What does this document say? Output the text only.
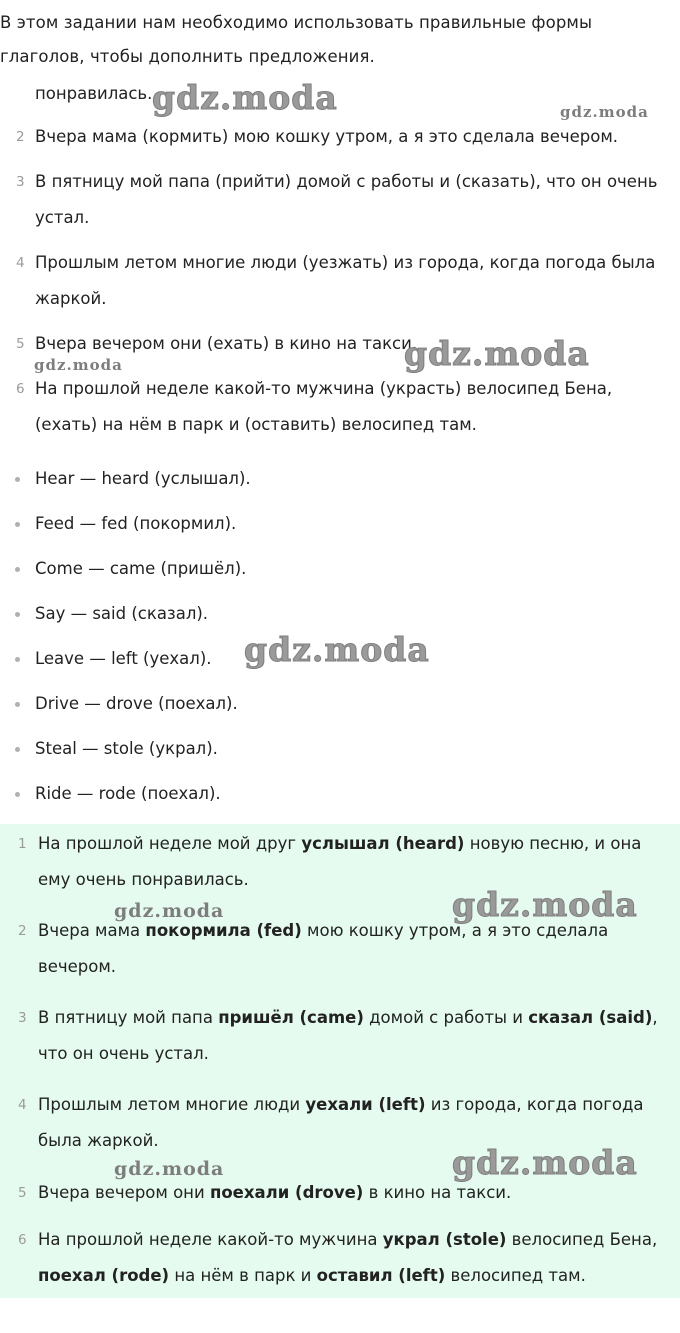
В этом задании нам необходимо использовать правильные формы глаголов, чтобы дополнить предложения.
понравилась.
2 Вчера мама (кормить) мою кошку утром, а я это сделала вечером.
3 В пятницу мой папа (прийти) домой с работы и (сказать), что он очень устал.
4 Прошлым летом многие люди (уезжать) из города, когда погода была жаркой.
5 Вчера вечером они (ехать) в кино на такси.
6 На прошлой неделе какой-то мужчина (украсть) велосипед Бена, (ехать) на нём в парк и (оставить) велосипед там.
Hear — heard (услышал).
Feed — fed (покормил).
Come — came (пришёл).
Say — said (сказал).
Leave — left (уехал).
Drive — drove (поехал).
Steal — stole (украл).
Ride — rode (поехал).
1 На прошлой неделе мой друг услышал (heard) новую песню, и она ему очень понравилась.
2 Вчера мама покормила (fed) мою кошку утром, а я это сделала вечером.
3 В пятницу мой папа пришёл (came) домой с работы и сказал (said), что он очень устал.
4 Прошлым летом многие люди уехали (left) из города, когда погода была жаркой.
5 Вчера вечером они поехали (drove) в кино на такси.
6 На прошлой неделе какой-то мужчина украл (stole) велосипед Бена, поехал (rode) на нём в парк и оставил (left) велосипед там.
gdz.moda	gdz.moda
gdz.moda
gdz.moda
gdz.moda
gdz.moda	gdz.moda
gdz.moda	gdz.moda
